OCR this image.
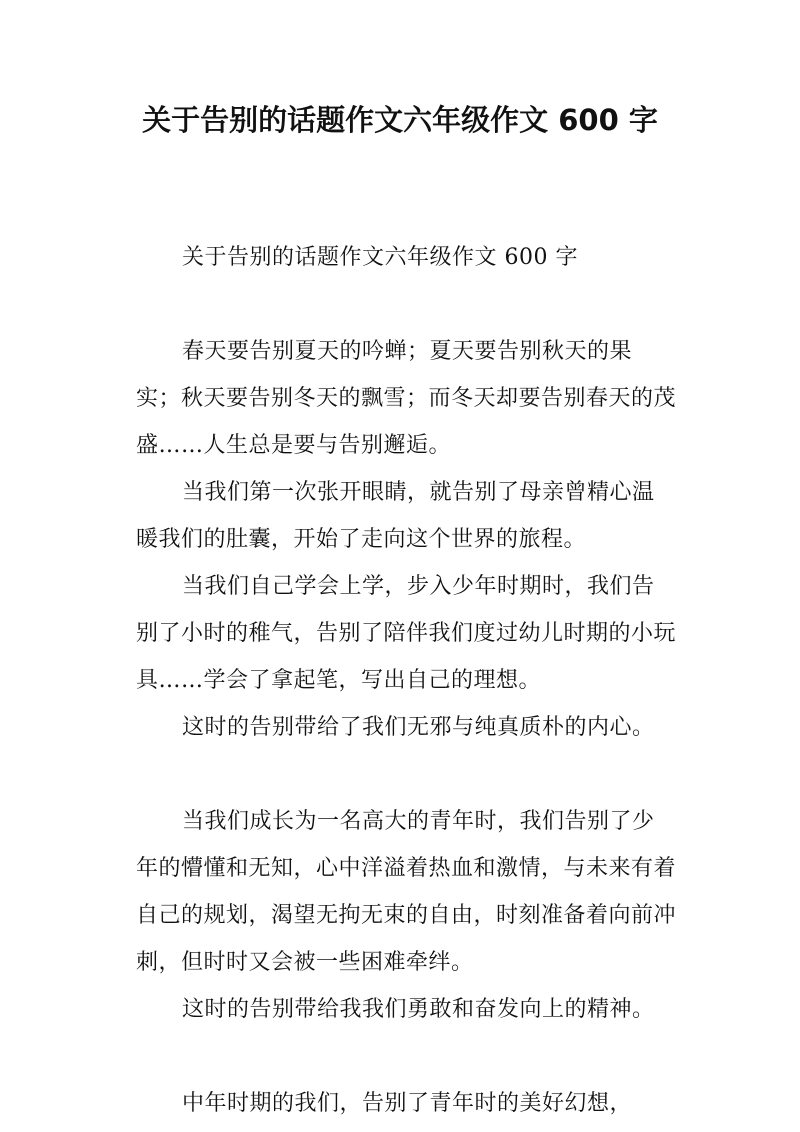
关于告别的话题作文六年级作文 600 字

关于告别的话题作文六年级作文 600 字

春天要告别夏天的吟蝉；夏天要告别秋天的果实；秋天要告别冬天的飘雪；而冬天却要告别春天的茂盛……人生总是要与告别邂逅。

当我们第一次张开眼睛，就告别了母亲曾精心温暖我们的肚囊，开始了走向这个世界的旅程。

当我们自己学会上学，步入少年时期时，我们告别了小时的稚气，告别了陪伴我们度过幼儿时期的小玩具……学会了拿起笔，写出自己的理想。

这时的告别带给了我们无邪与纯真质朴的内心。

当我们成长为一名高大的青年时，我们告别了少年的懵懂和无知，心中洋溢着热血和激情，与未来有着自己的规划，渴望无拘无束的自由，时刻准备着向前冲刺，但时时又会被一些困难牵绊。

这时的告别带给我我们勇敢和奋发向上的精神。

中年时期的我们，告别了青年时的美好幻想，
